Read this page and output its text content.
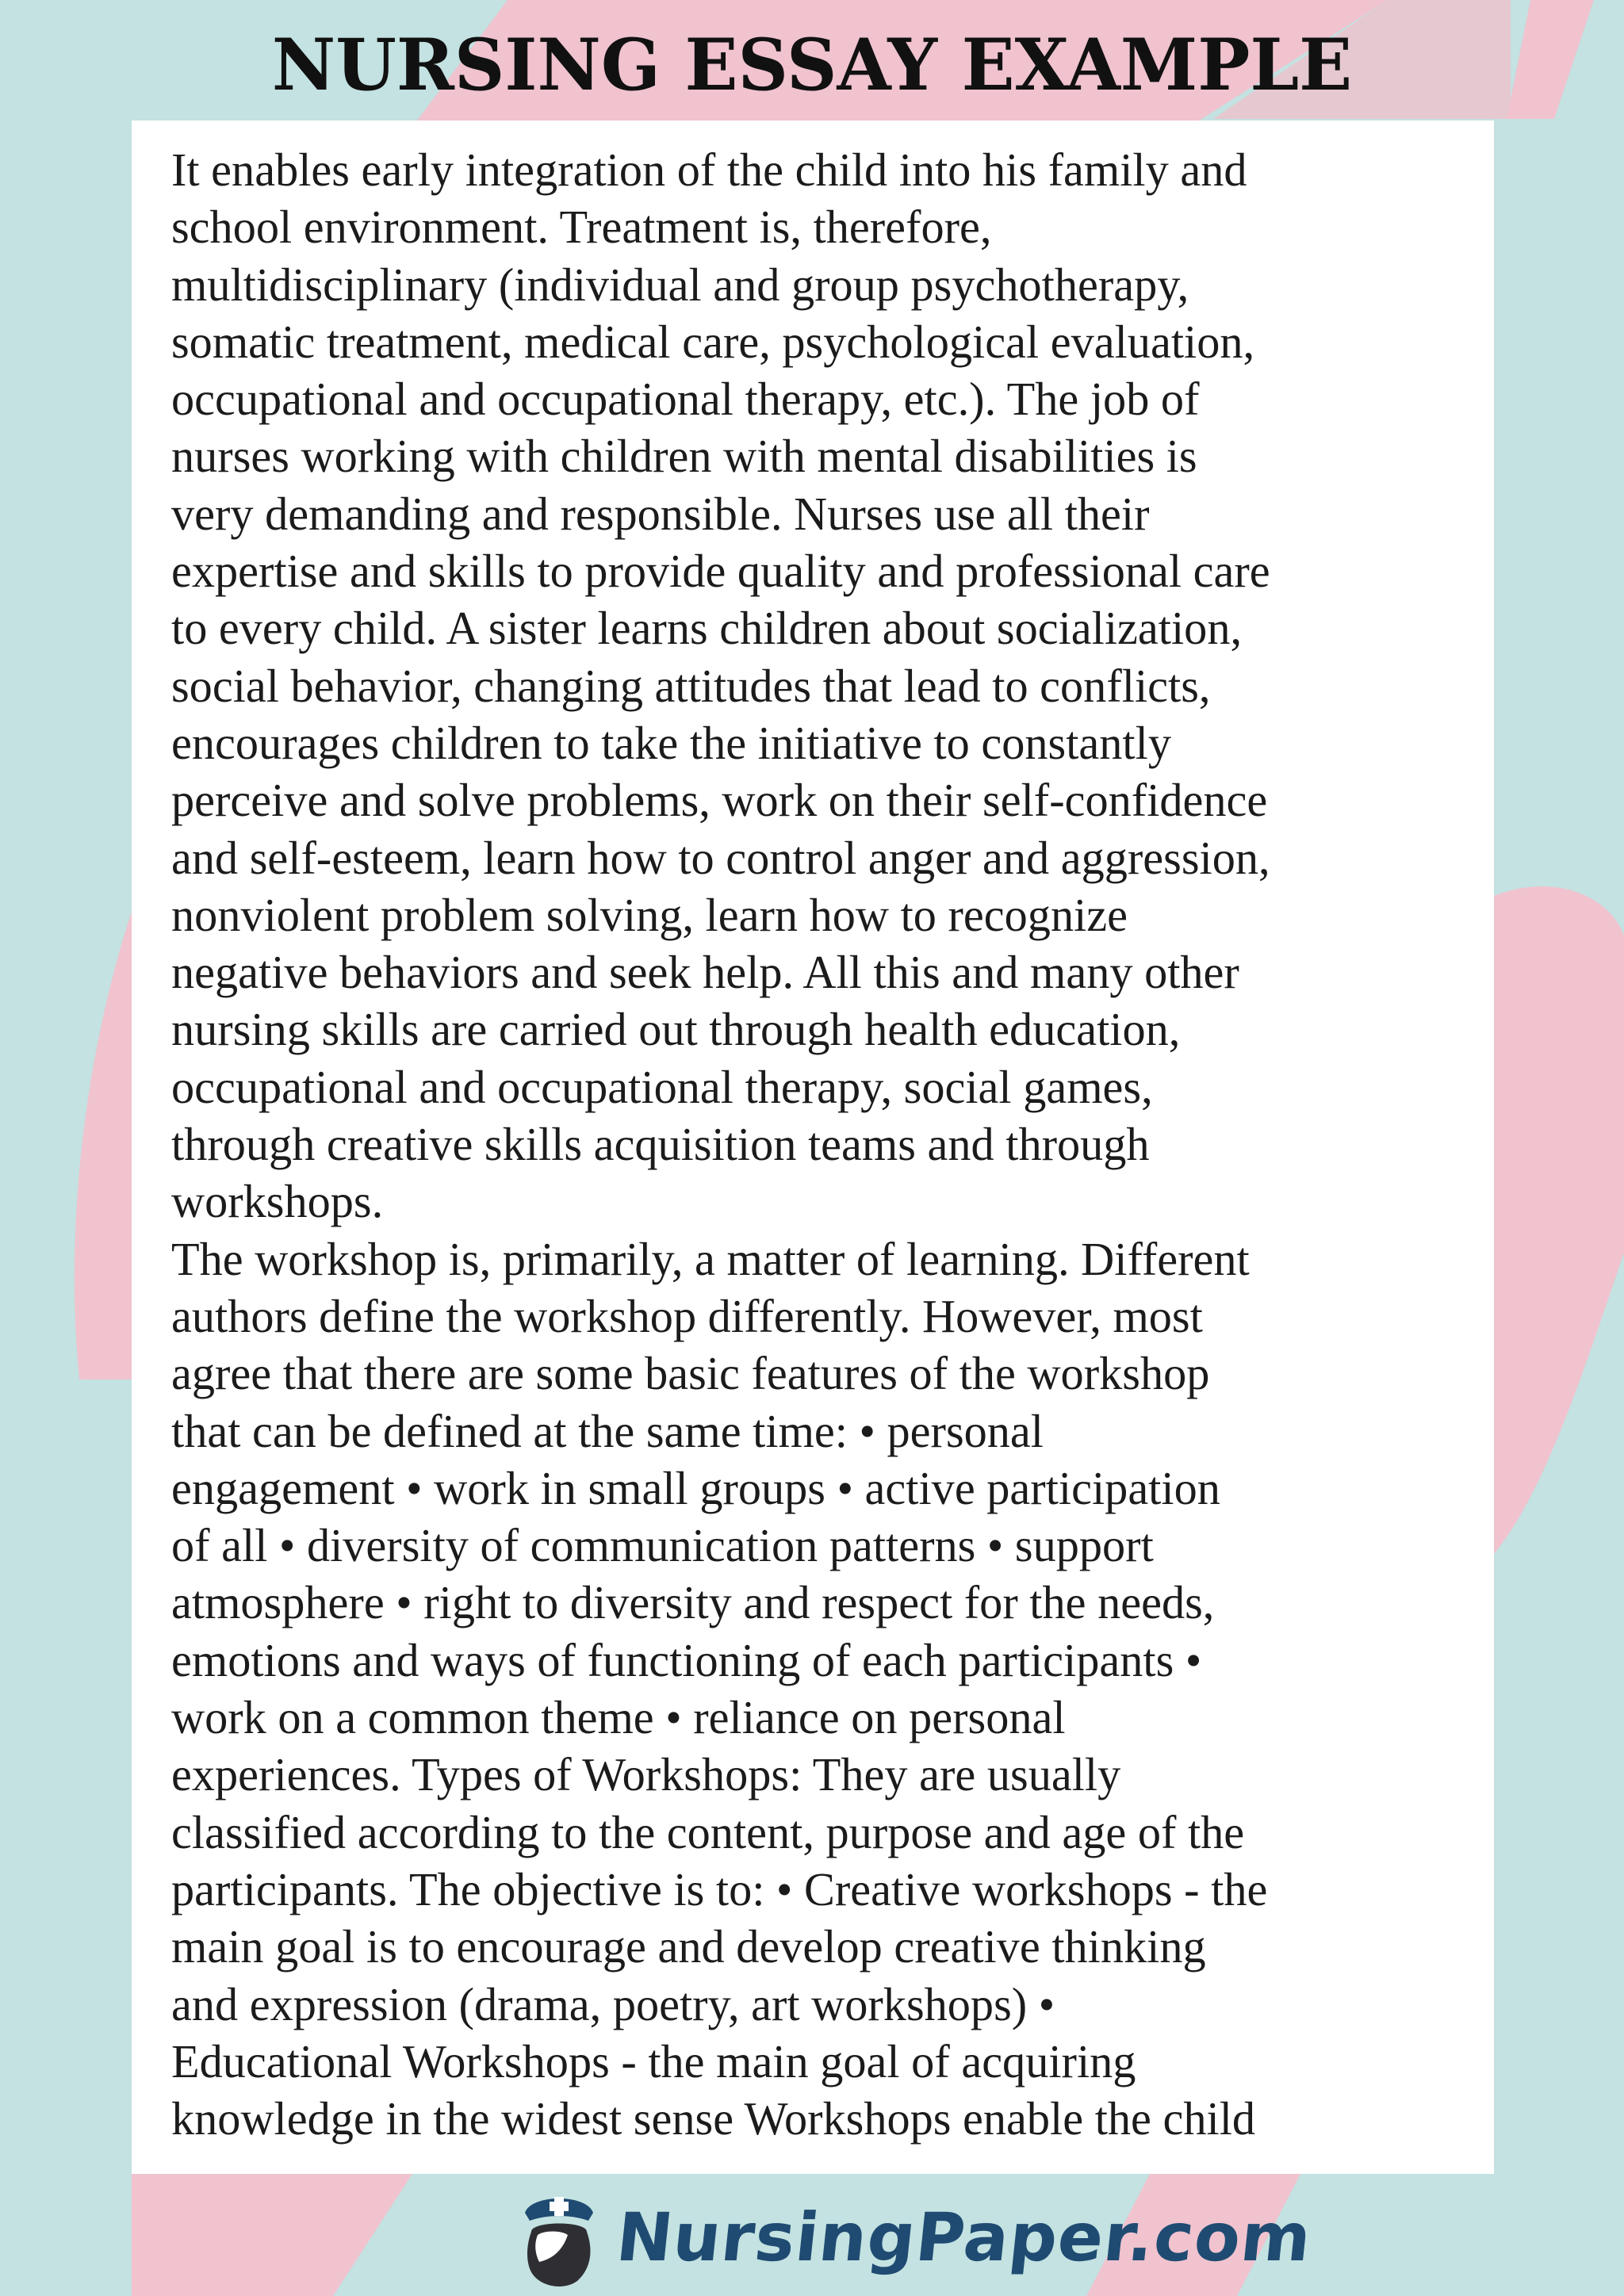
NURSING ESSAY EXAMPLE
It enables early integration of the child into his family and
school environment. Treatment is, therefore,
multidisciplinary (individual and group psychotherapy,
somatic treatment, medical care, psychological evaluation,
occupational and occupational therapy, etc.). The job of
nurses working with children with mental disabilities is
very demanding and responsible. Nurses use all their
expertise and skills to provide quality and professional care
to every child. A sister learns children about socialization,
social behavior, changing attitudes that lead to conflicts,
encourages children to take the initiative to constantly
perceive and solve problems, work on their self-confidence
and self-esteem, learn how to control anger and aggression,
nonviolent problem solving, learn how to recognize
negative behaviors and seek help. All this and many other
nursing skills are carried out through health education,
occupational and occupational therapy, social games,
through creative skills acquisition teams and through
workshops.
The workshop is, primarily, a matter of learning. Different
authors define the workshop differently. However, most
agree that there are some basic features of the workshop
that can be defined at the same time: • personal
engagement • work in small groups • active participation
of all • diversity of communication patterns • support
atmosphere • right to diversity and respect for the needs,
emotions and ways of functioning of each participants •
work on a common theme • reliance on personal
experiences. Types of Workshops: They are usually
classified according to the content, purpose and age of the
participants. The objective is to: • Creative workshops - the
main goal is to encourage and develop creative thinking
and expression (drama, poetry, art workshops) •
Educational Workshops - the main goal of acquiring
knowledge in the widest sense Workshops enable the child
NursingPaper.com
